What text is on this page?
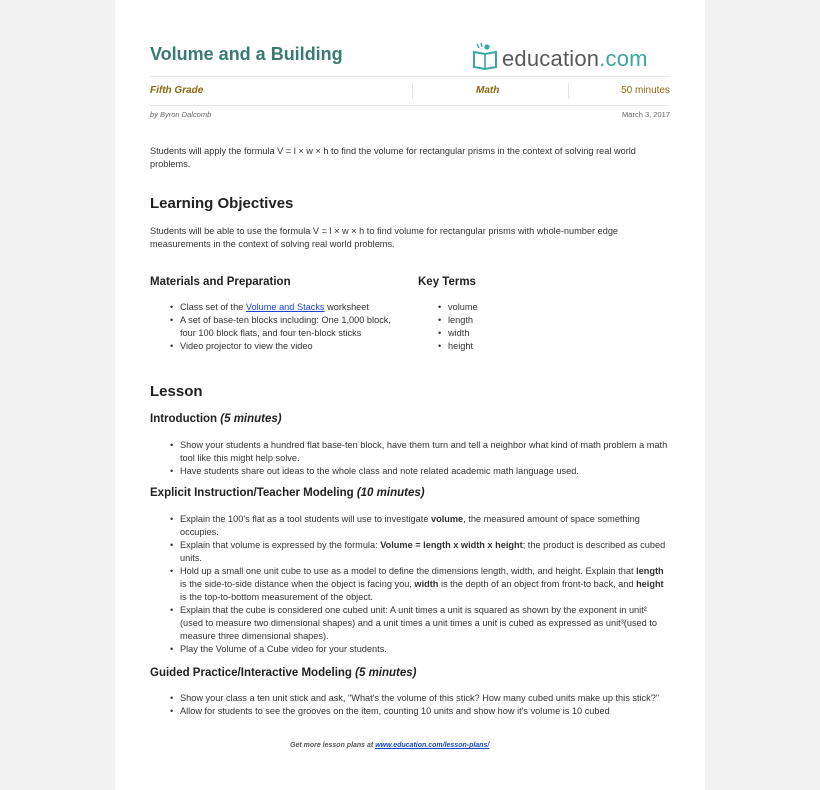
Volume and a Building	education.com
Fifth Grade	Math	50 minutes
by Byron Dalcomb	March 3, 2017
Students will apply the formula V = l × w × h to find the volume for rectangular prisms in the context of solving real world problems.
Learning Objectives
Students will be able to use the formula V = l × w × h to find volume for rectangular prisms with whole-number edge measurements in the context of solving real world problems.
Materials and Preparation
• Class set of the Volume and Stacks worksheet
• A set of base-ten blocks including: One 1,000 block, four 100 block flats, and four ten-block sticks
• Video projector to view the video
Key Terms
• volume
• length
• width
• height
Lesson
Introduction (5 minutes)
• Show your students a hundred flat base-ten block, have them turn and tell a neighbor what kind of math problem a math tool like this might help solve.
• Have students share out ideas to the whole class and note related academic math language used.
Explicit Instruction/Teacher Modeling (10 minutes)
• Explain the 100's flat as a tool students will use to investigate volume, the measured amount of space something occupies.
• Explain that volume is expressed by the formula: Volume = length x width x height; the product is described as cubed units.
• Hold up a small one unit cube to use as a model to define the dimensions length, width, and height. Explain that length is the side-to-side distance when the object is facing you, width is the depth of an object from front-to back, and height is the top-to-bottom measurement of the object.
• Explain that the cube is considered one cubed unit: A unit times a unit is squared as shown by the exponent in unit² (used to measure two dimensional shapes) and a unit times a unit times a unit is cubed as expressed as unit³(used to measure three dimensional shapes).
• Play the Volume of a Cube video for your students.
Guided Practice/Interactive Modeling (5 minutes)
• Show your class a ten unit stick and ask, "What's the volume of this stick? How many cubed units make up this stick?"
• Allow for students to see the grooves on the item, counting 10 units and show how it's volume is 10 cubed
Get more lesson plans at www.education.com/lesson-plans/
